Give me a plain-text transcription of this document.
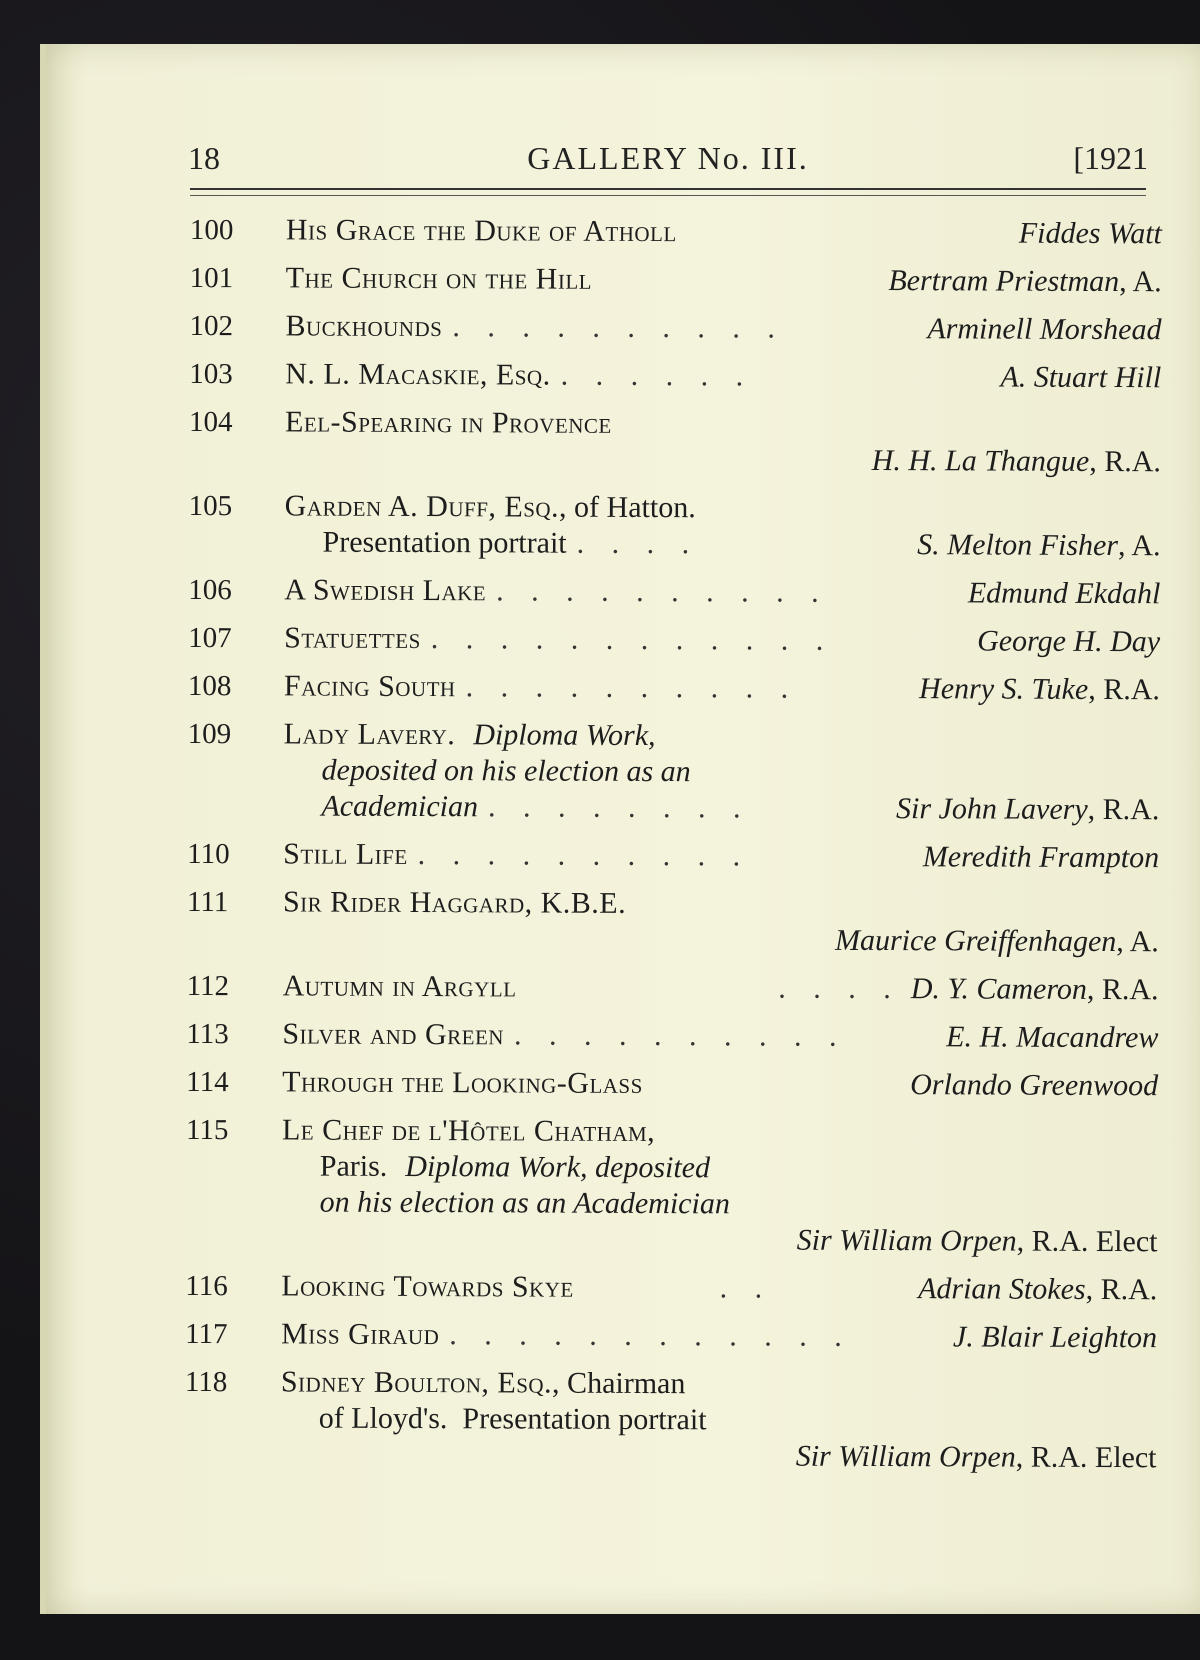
18	GALLERY No. III.	[1921
100	His Grace the Duke of Atholl	Fiddes Watt
101	The Church on the Hill	Bertram Priestman, A.
102	Buckhounds . . . . . . . . . .	Arminell Morshead
103	N. L. Macaskie, Esq. . . . . . .	A. Stuart Hill
104	Eel-Spearing in Provence
H. H. La Thangue, R.A.
105	Garden A. Duff, Esq., of Hatton.
Presentation portrait . . . .	S. Melton Fisher, A.
106	A Swedish Lake . . . . . . . . . .	Edmund Ekdahl
107	Statuettes . . . . . . . . . . . .	George H. Day
108	Facing South . . . . . . . . . .	Henry S. Tuke, R.A.
109	Lady Lavery. Diploma Work,
deposited on his election as an
Academician . . . . . . . .	Sir John Lavery, R.A.
110	Still Life . . . . . . . . . .	Meredith Frampton
111	Sir Rider Haggard, K.B.E.
Maurice Greiffenhagen, A.
112	Autumn in Argyll	. . . . D. Y. Cameron, R.A.
113	Silver and Green . . . . . . . . . .	E. H. Macandrew
114	Through the Looking-Glass	Orlando Greenwood
115	Le Chef de l'Hôtel Chatham,
Paris. Diploma Work, deposited
on his election as an Academician
Sir William Orpen, R.A. Elect
116	Looking Towards Skye	. .	Adrian Stokes, R.A.
117	Miss Giraud . . . . . . . . . . . .	J. Blair Leighton
118	Sidney Boulton, Esq., Chairman
of Lloyd's.  Presentation portrait
Sir William Orpen, R.A. Elect
